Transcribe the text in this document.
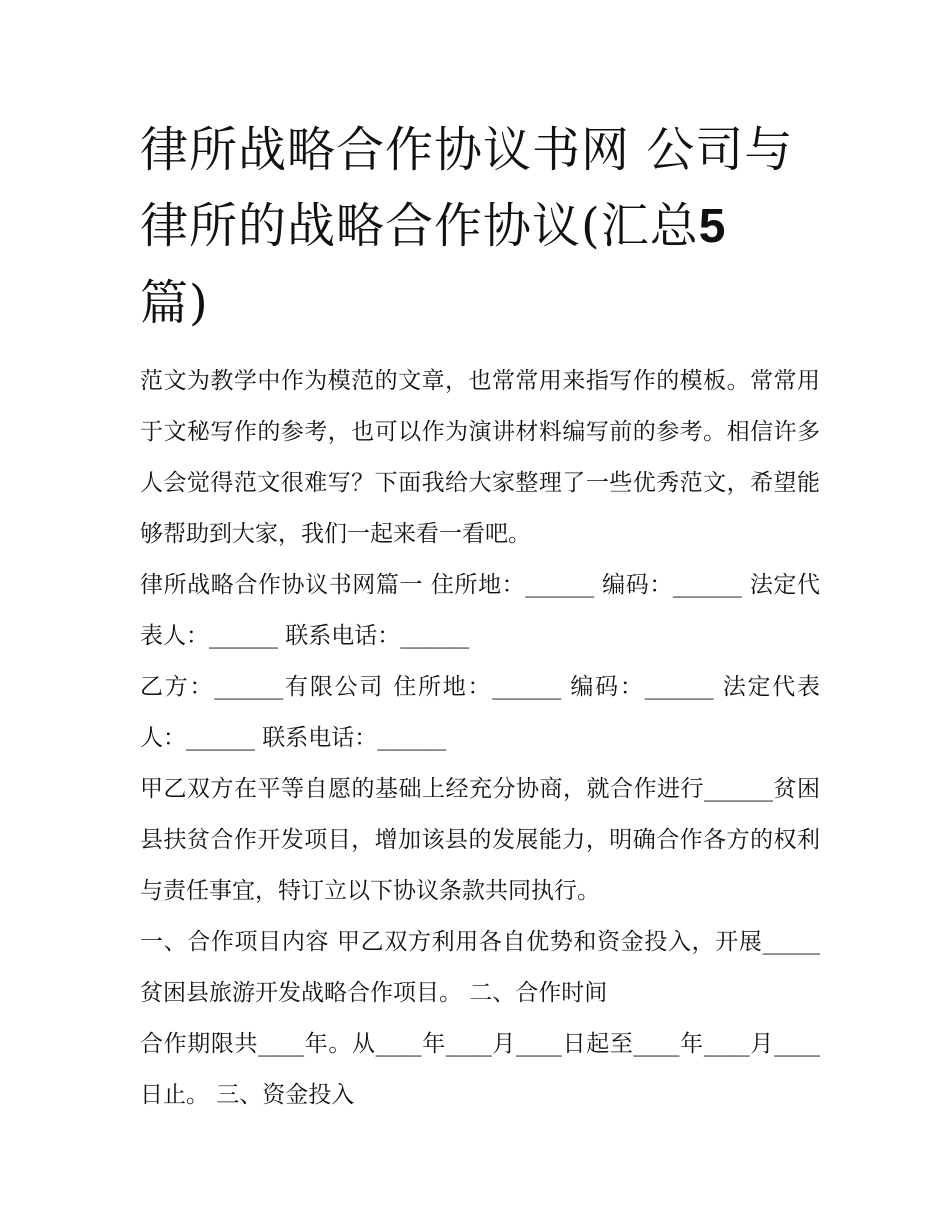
律所战略合作协议书网 公司与律所的战略合作协议(汇总5
篇)

范文为教学中作为模范的文章，也常常用来指写作的模板。常常用于文秘写作的参考，也可以作为演讲材料编写前的参考。相信许多人会觉得范文很难写？下面我给大家整理了一些优秀范文，希望能够帮助到大家，我们一起来看一看吧。

律所战略合作协议书网篇一 住所地：______ 编码：______ 法定代表人：______ 联系电话：______

乙方：______有限公司 住所地：______ 编码：______ 法定代表人：______ 联系电话：______

甲乙双方在平等自愿的基础上经充分协商，就合作进行______贫困县扶贫合作开发项目，增加该县的发展能力，明确合作各方的权利与责任事宜，特订立以下协议条款共同执行。

一、合作项目内容 甲乙双方利用各自优势和资金投入，开展_____贫困县旅游开发战略合作项目。 二、合作时间

合作期限共____年。从____年____月____日起至____年____月____日止。 三、资金投入
